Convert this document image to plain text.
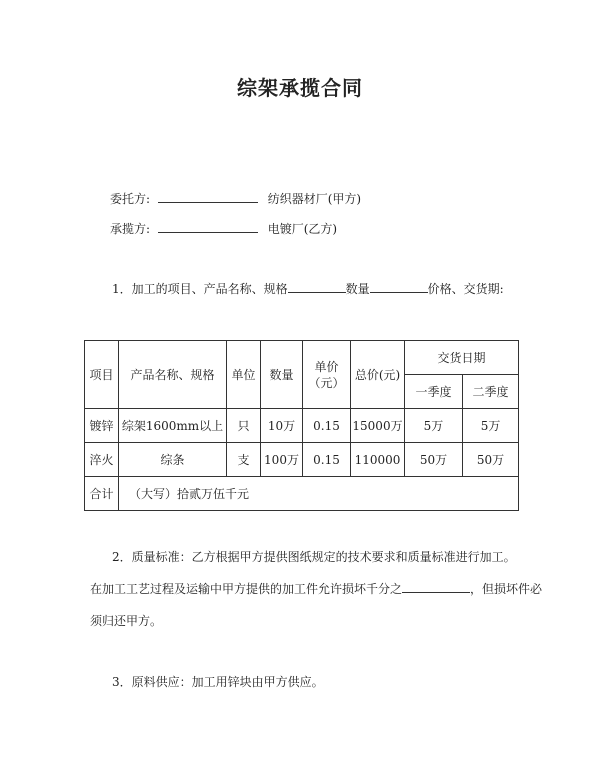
综架承揽合同
委托方:	纺织器材厂(甲方)
承揽方:	电镀厂(乙方)
1．加工的项目、产品名称、规格	数量	价格、交货期:
项目	产品名称、规格	单位	数量	单价（元）	总价(元)	交货日期	
						一季度	二季度
镀锌	综架1600mm以上	只	10万	0.15	15000万	5万	5万
淬火	综条	支	100万	0.15	110000	50万	50万
合计	（大写）拾贰万伍千元						
2．质量标准：乙方根据甲方提供图纸规定的技术要求和质量标准进行加工。
在加工工艺过程及运输中甲方提供的加工件允许损坏千分之	，但损坏件必
须归还甲方。
3．原料供应：加工用锌块由甲方供应。
